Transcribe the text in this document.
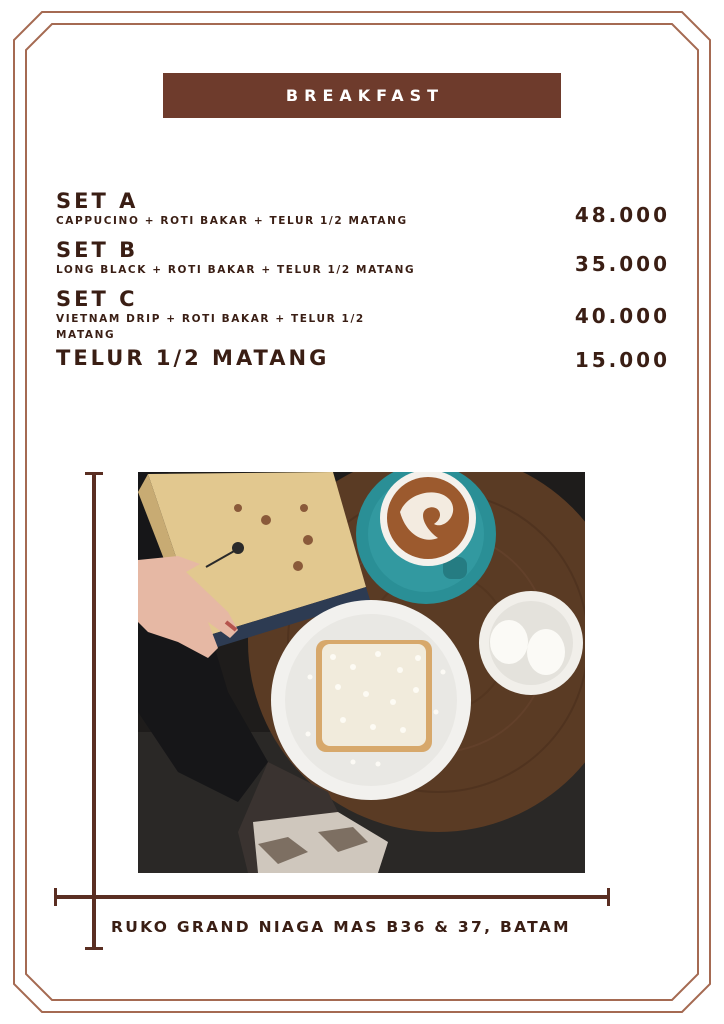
BREAKFAST
SET A
CAPPUCINO + ROTI BAKAR + TELUR 1/2 MATANG	48.000
SET B
LONG BLACK + ROTI BAKAR + TELUR 1/2 MATANG	35.000
SET C
VIETNAM DRIP + ROTI BAKAR + TELUR 1/2 MATANG
40.000
TELUR 1/2 MATANG	15.000
RUKO GRAND NIAGA MAS B36 & 37, BATAM
